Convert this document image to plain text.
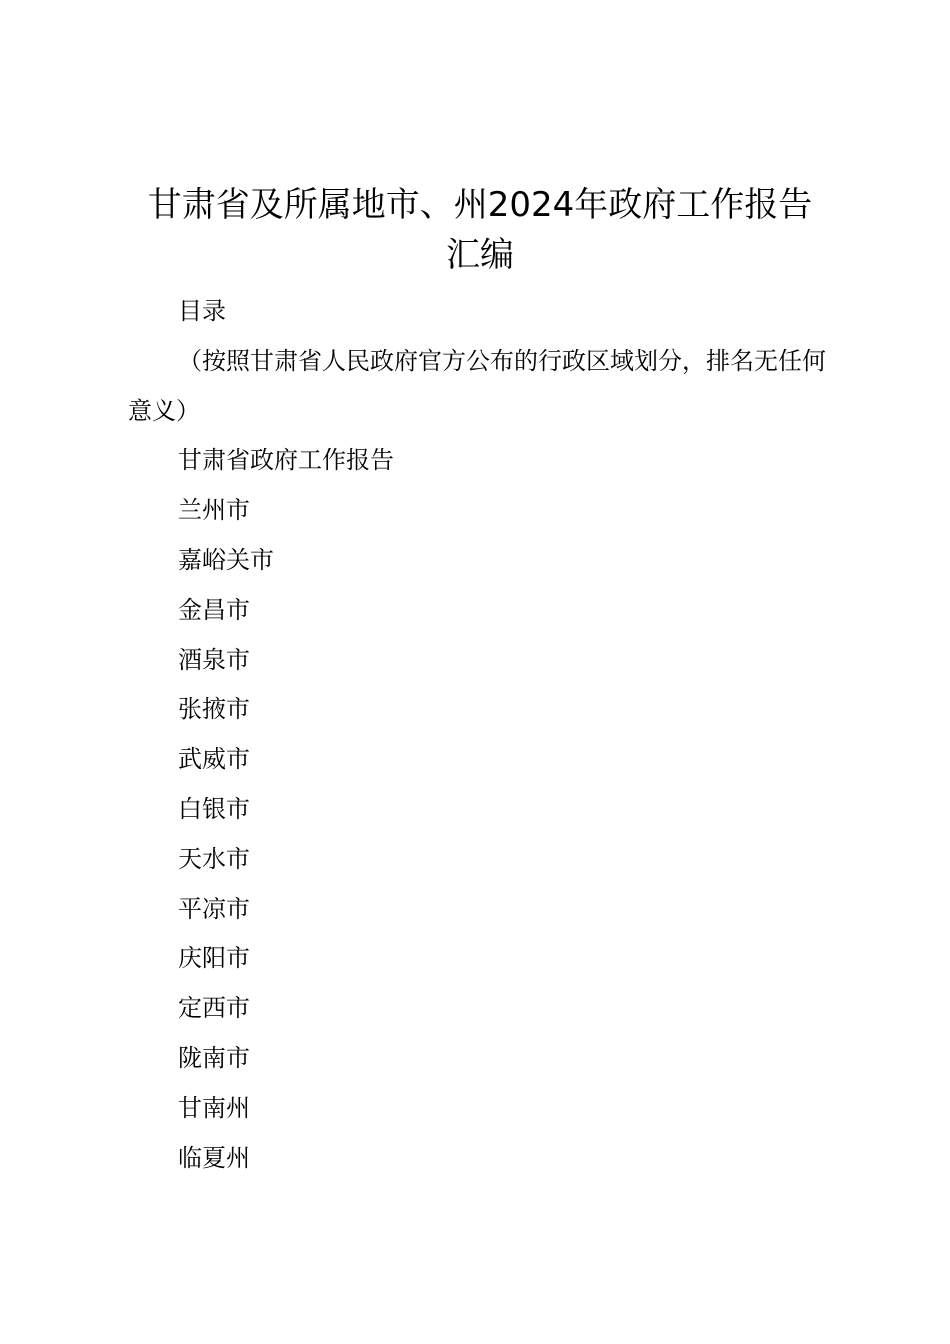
甘肃省及所属地市、州2024年政府工作报告
汇编

目录

（按照甘肃省人民政府官方公布的行政区域划分，排名无任何意义）

甘肃省政府工作报告
兰州市
嘉峪关市
金昌市
酒泉市
张掖市
武威市
白银市
天水市
平凉市
庆阳市
定西市
陇南市
甘南州
临夏州
